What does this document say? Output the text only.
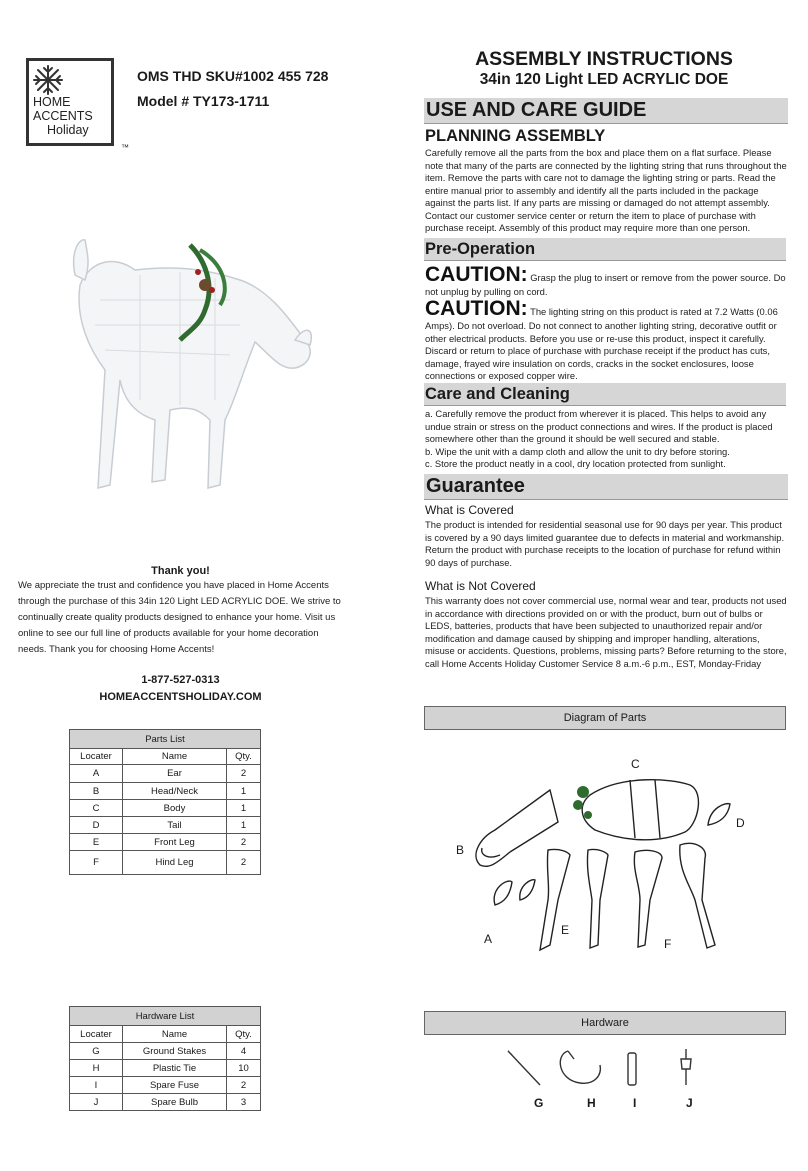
HOME
ACCENTS
Holiday
™
OMS THD SKU#1002 455 728
Model # TY173-1711
ASSEMBLY INSTRUCTIONS
34in 120 Light LED ACRYLIC DOE
Thank you!
We appreciate the trust and confidence you have placed in Home Accents through the purchase of this 34in 120 Light LED ACRYLIC DOE. We strive to continually create quality products designed to enhance your home. Visit us online to see our full line of products available for your home decoration needs. Thank you for choosing Home Accents!
1-877-527-0313
HOMEACCENTSHOLIDAY.COM
Parts List		
Locater	Name	Qty.
A	Ear	2
B	Head/Neck	1
C	Body	1
D	Tail	1
E	Front Leg	2
F	Hind Leg	2
Hardware List		
Locater	Name	Qty.
G	Ground Stakes	4
H	Plastic Tie	10
I	Spare Fuse	2
J	Spare Bulb	3
USE AND CARE GUIDE
PLANNING ASSEMBLY
Carefully remove all the parts from the box and place them on a flat surface. Please note that many of the parts are connected by the lighting string that runs throughout the item. Remove the parts with care not to damage the lighting string or parts. Read the entire manual prior to assembly and identify all the parts included in the package against the parts list. If any parts are missing or damaged do not attempt assembly. Contact our customer service center or return the item to place of purchase with purchase receipt. Assembly of this product may require more than one person.
Pre-Operation
CAUTION: Grasp the plug to insert or remove from the power source. Do not unplug by pulling on cord.
CAUTION: The lighting string on this product is rated at 7.2 Watts (0.06 Amps). Do not overload. Do not connect to another lighting string, decorative outfit or other electrical products. Before you use or re-use this product, inspect it carefully. Discard or return to place of purchase with purchase receipt if the product has cuts, damage, frayed wire insulation on cords, cracks in the socket enclosures, loose connections or exposed copper wire.
Care and Cleaning

a. Carefully remove the product from wherever it is placed. This helps to avoid any undue strain or stress on the product connections and wires. If the product is placed somewhere other than the ground it should be well secured and stable.

b. Wipe the unit with a damp cloth and allow the unit to dry before storing.

c. Store the product neatly in a cool, dry location protected from sunlight.

Guarantee
What is Covered
The product is intended for residential seasonal use for 90 days per year. This product is covered by a 90 days limited guarantee due to defects in material and workmanship. Return the product with purchase receipts to the location of purchase for refund within 90 days of purchase.
What is Not Covered
This warranty does not cover commercial use, normal wear and tear, products not used in accordance with directions provided on or with the product, burn out of bulbs or LEDS, batteries, products that have been subjected to unauthorized repair and/or modification and damage caused by shipping and improper handling, alterations, misuse or accidents. Questions, problems, missing parts? Before returning to the store, call Home Accents Holiday Customer Service 8 a.m.-6 p.m., EST, Monday-Friday
Diagram of Parts
C
D
B
E
A	F
Hardware
G	H	I	J
